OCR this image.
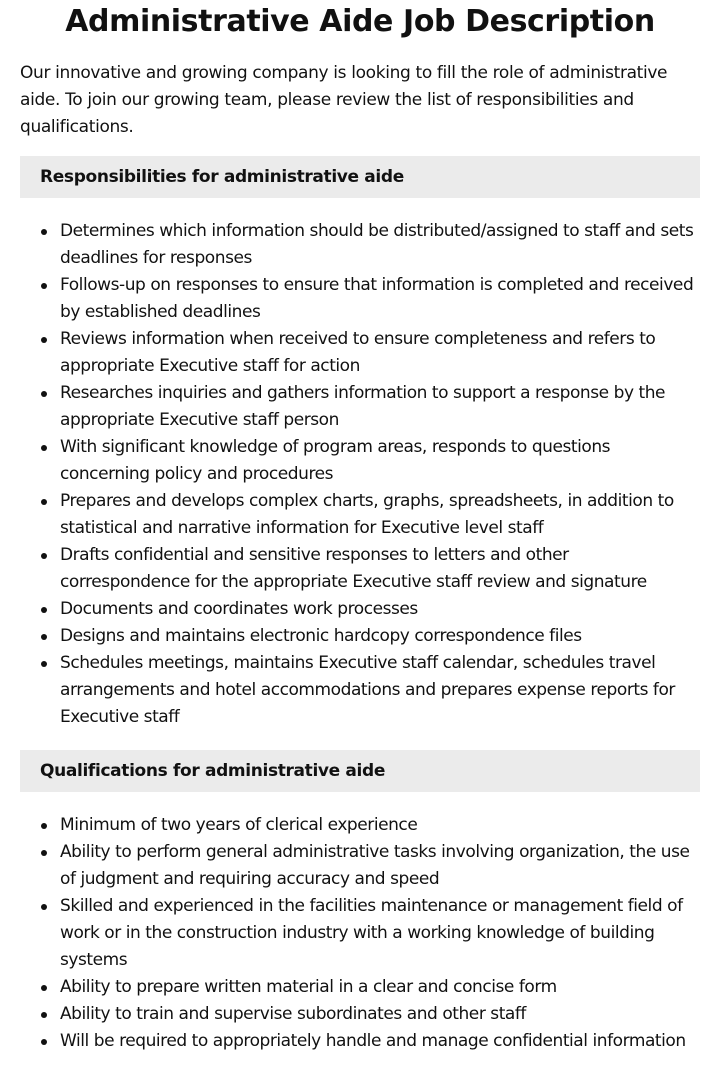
Administrative Aide Job Description

Our innovative and growing company is looking to fill the role of administrative aide. To join our growing team, please review the list of responsibilities and qualifications.

Responsibilities for administrative aide
Determines which information should be distributed/assigned to staff and sets deadlines for responses
Follows-up on responses to ensure that information is completed and received by established deadlines
Reviews information when received to ensure completeness and refers to appropriate Executive staff for action
Researches inquiries and gathers information to support a response by the appropriate Executive staff person
With significant knowledge of program areas, responds to questions concerning policy and procedures
Prepares and develops complex charts, graphs, spreadsheets, in addition to statistical and narrative information for Executive level staff
Drafts confidential and sensitive responses to letters and other correspondence for the appropriate Executive staff review and signature
Documents and coordinates work processes
Designs and maintains electronic hardcopy correspondence files
Schedules meetings, maintains Executive staff calendar, schedules travel arrangements and hotel accommodations and prepares expense reports for Executive staff
Qualifications for administrative aide
Minimum of two years of clerical experience
Ability to perform general administrative tasks involving organization, the use of judgment and requiring accuracy and speed
Skilled and experienced in the facilities maintenance or management field of work or in the construction industry with a working knowledge of building systems
Ability to prepare written material in a clear and concise form
Ability to train and supervise subordinates and other staff
Will be required to appropriately handle and manage confidential information
